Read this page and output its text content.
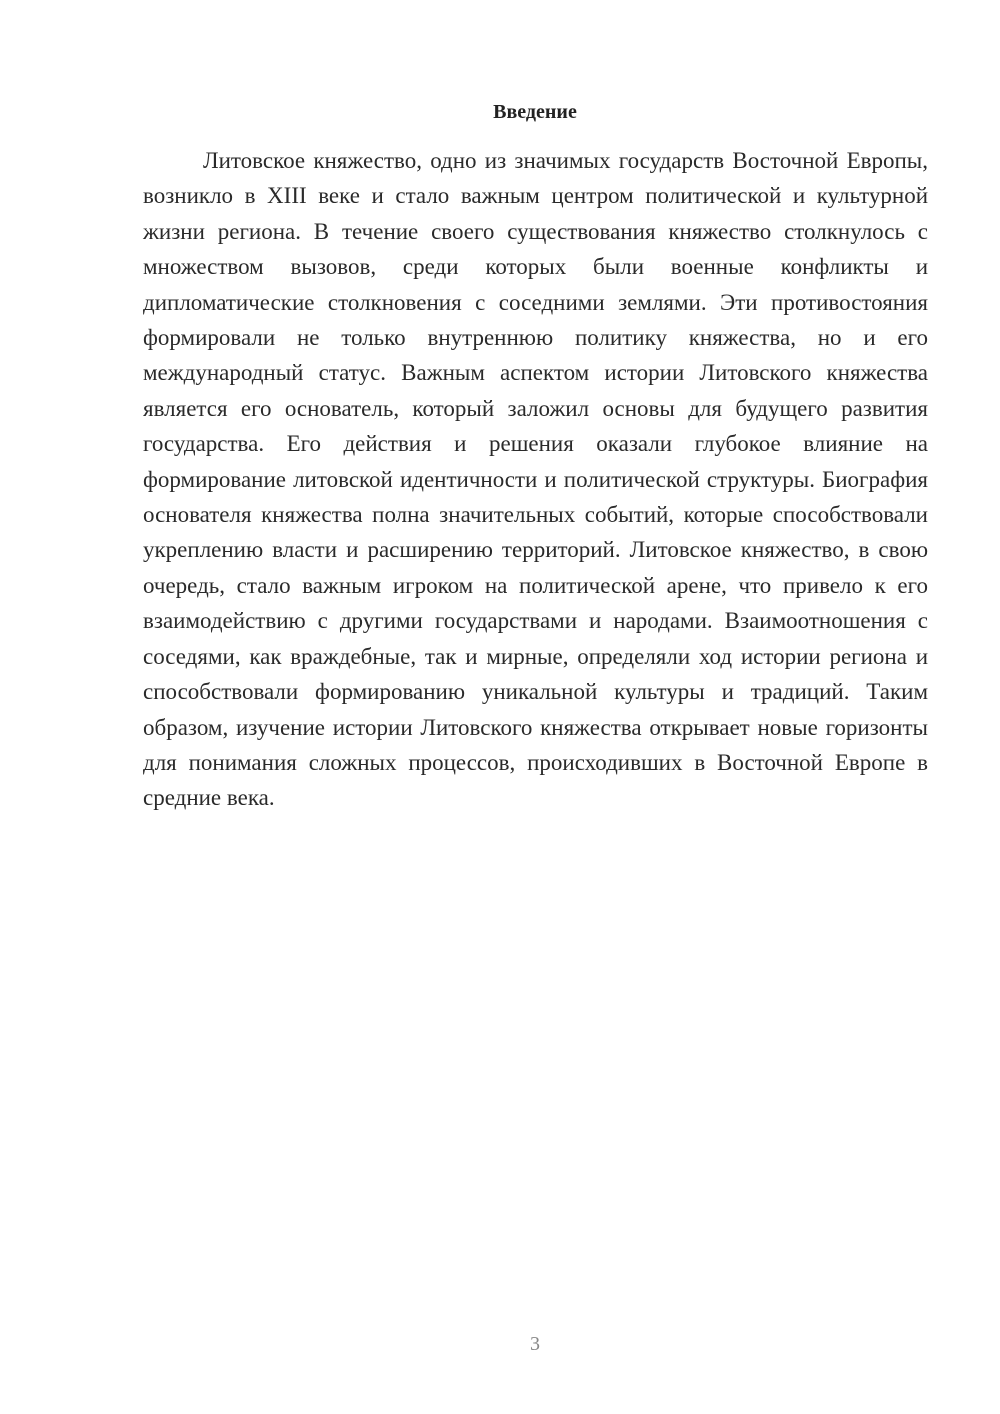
Введение

Литовское княжество, одно из значимых государств Восточной Европы, возникло в XIII веке и стало важным центром политической и культурной жизни региона. В течение своего существования княжество столкнулось с множеством вызовов, среди которых были военные конфликты и дипломатические столкновения с соседними землями. Эти противостояния формировали не только внутреннюю политику княжества, но и его международный статус. Важным аспектом истории Литовского княжества является его основатель, который заложил основы для будущего развития государства. Его действия и решения оказали глубокое влияние на формирование литовской идентичности и политической структуры. Биография основателя княжества полна значительных событий, которые способствовали укреплению власти и расширению территорий. Литовское княжество, в свою очередь, стало важным игроком на политической арене, что привело к его взаимодействию с другими государствами и народами. Взаимоотношения с соседями, как враждебные, так и мирные, определяли ход истории региона и способствовали формированию уникальной культуры и традиций. Таким образом, изучение истории Литовского княжества открывает новые горизонты для понимания сложных процессов, происходивших в Восточной Европе в средние века.

3
